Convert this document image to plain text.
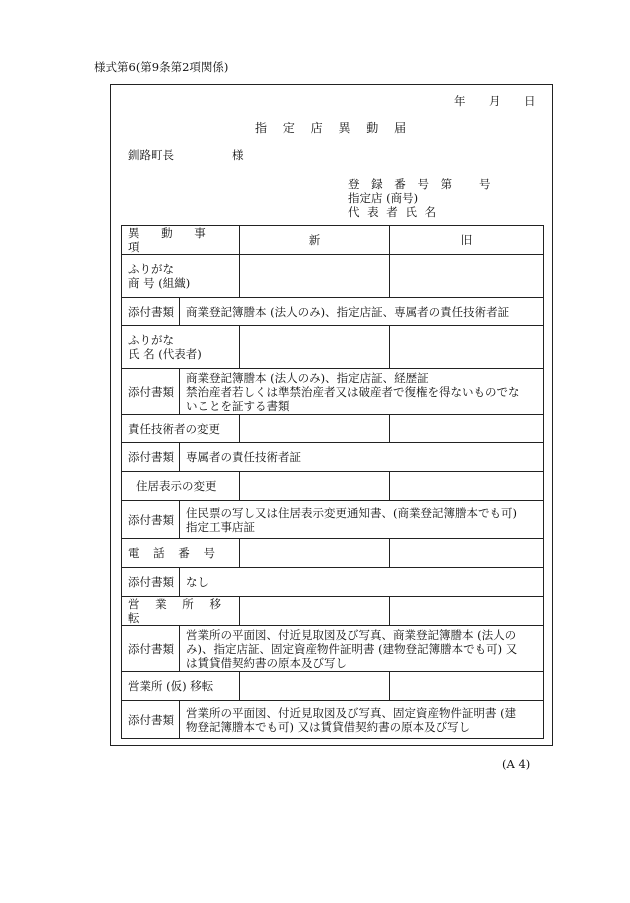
様式第6(第9条第2項関係)
年 月 日
指 定 店 異 動 届
釧路町長	様
登 録 番 号 第 号
指定店 (商号)
代 表 者 氏 名
異 動 事 項		新	旧

ふりがな
商 号 (組織)			

添付書類	商業登記簿謄本 (法人のみ)、指定店証、専属者の責任技術者証		

ふりがな
氏 名 (代表者)			

添付書類	商業登記簿謄本 (法人のみ)、指定店証、経歴証
禁治産者若しくは準禁治産者又は破産者で復権を得ないものでな
いことを証する書類		

責任技術者の変更			
添付書類	専属者の責任技術者証		
住居表示の変更			
添付書類	住民票の写し又は住居表示変更通知書、(商業登記簿謄本でも可)
指定工事店証		

電 話 番 号			
添付書類	なし		
営 業 所 移 転			
添付書類	営業所の平面図、付近見取図及び写真、商業登記簿謄本 (法人の
み)、指定店証、固定資産物件証明書 (建物登記簿謄本でも可) 又
は賃貸借契約書の原本及び写し		

営業所 (仮) 移転			
添付書類	営業所の平面図、付近見取図及び写真、固定資産物件証明書 (建
物登記簿謄本でも可) 又は賃貸借契約書の原本及び写し		
(A 4)
